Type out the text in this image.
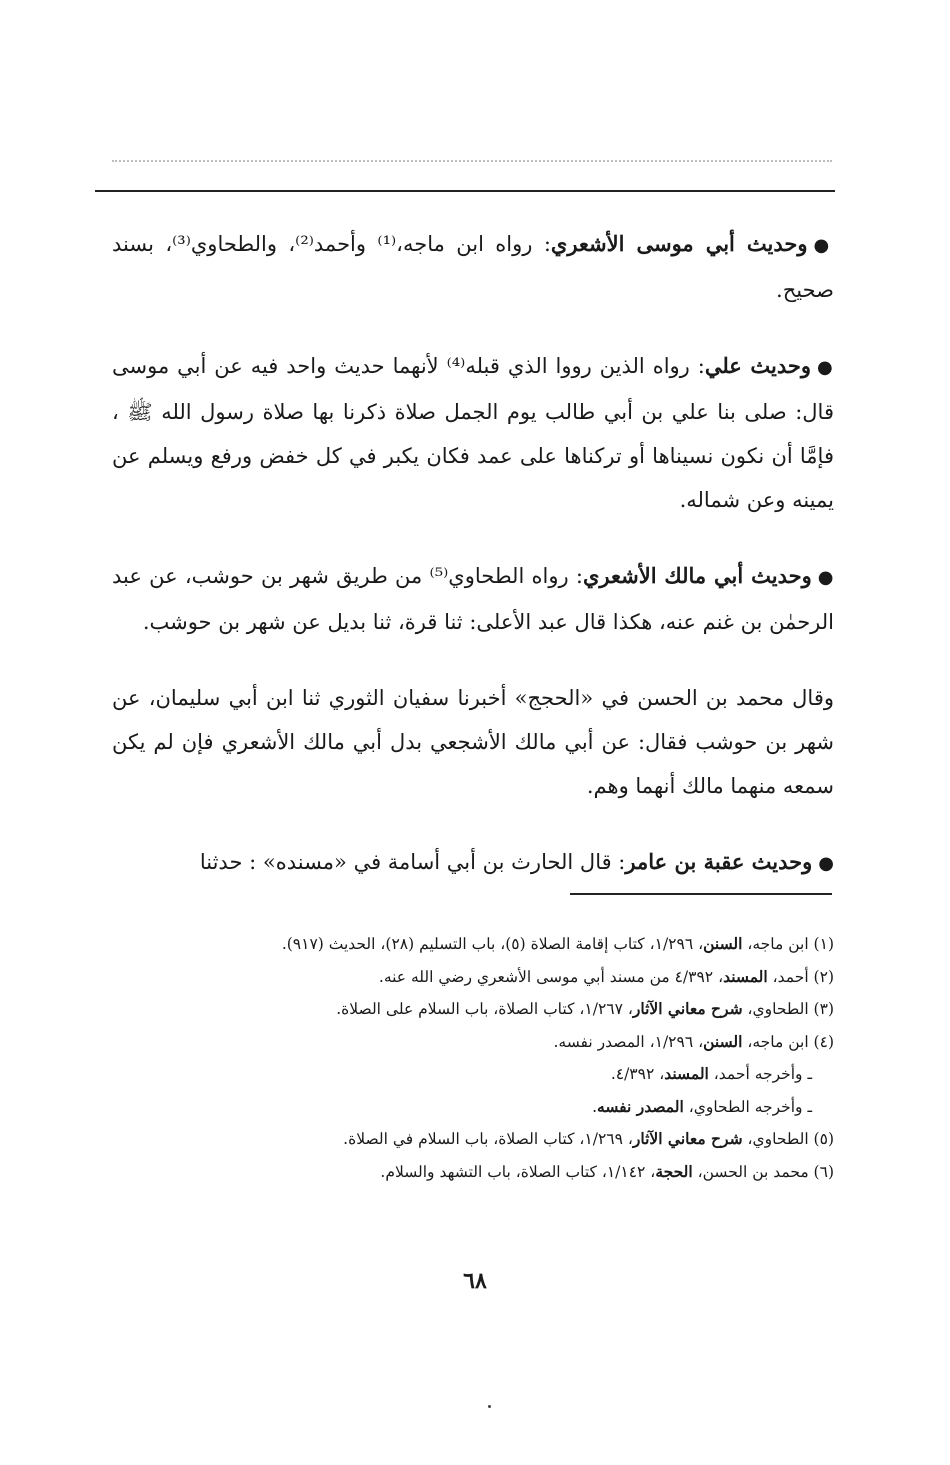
●وحديث أبي موسى الأشعري: رواه ابن ماجه،⁽¹⁾ وأحمد⁽²⁾، والطحاوي⁽³⁾، بسند صحيح.

●وحديث علي: رواه الذين رووا الذي قبله⁽⁴⁾ لأنهما حديث واحد فيه عن أبي موسى قال: صلى بنا علي بن أبي طالب يوم الجمل صلاة ذكرنا بها صلاة رسول الله ﷺ ، فإمَّا أن نكون نسيناها أو تركناها على عمد فكان يكبر في كل خفض ورفع ويسلم عن يمينه وعن شماله.

●وحديث أبي مالك الأشعري: رواه الطحاوي⁽⁵⁾ من طريق شهر بن حوشب، عن عبد الرحمٰن بن غنم عنه، هكذا قال عبد الأعلى: ثنا قرة، ثنا بديل عن شهر بن حوشب.

وقال محمد بن الحسن في «الحجج» أخبرنا سفيان الثوري ثنا ابن أبي سليمان، عن شهر بن حوشب فقال: عن أبي مالك الأشجعي بدل أبي مالك الأشعري فإن لم يكن سمعه منهما مالك أنهما وهم.

●وحديث عقبة بن عامر: قال الحارث بن أبي أسامة في «مسنده» : حدثنا

(١) ابن ماجه، السنن، ١/٢٩٦، كتاب إقامة الصلاة (٥)، باب التسليم (٢٨)، الحديث (٩١٧).

(٢) أحمد، المسند، ٤/٣٩٢ من مسند أبي موسى الأشعري رضي الله عنه.

(٣) الطحاوي، شرح معاني الآثار، ١/٢٦٧، كتاب الصلاة، باب السلام على الصلاة.

(٤) ابن ماجه، السنن، ١/٢٩٦، المصدر نفسه.

ـ وأخرجه أحمد، المسند، ٤/٣٩٢.

ـ وأخرجه الطحاوي، المصدر نفسه.

(٥) الطحاوي، شرح معاني الآثار، ١/٢٦٩، كتاب الصلاة، باب السلام في الصلاة.

(٦) محمد بن الحسن، الحجة، ١/١٤٢، كتاب الصلاة، باب التشهد والسلام.

٦٨
